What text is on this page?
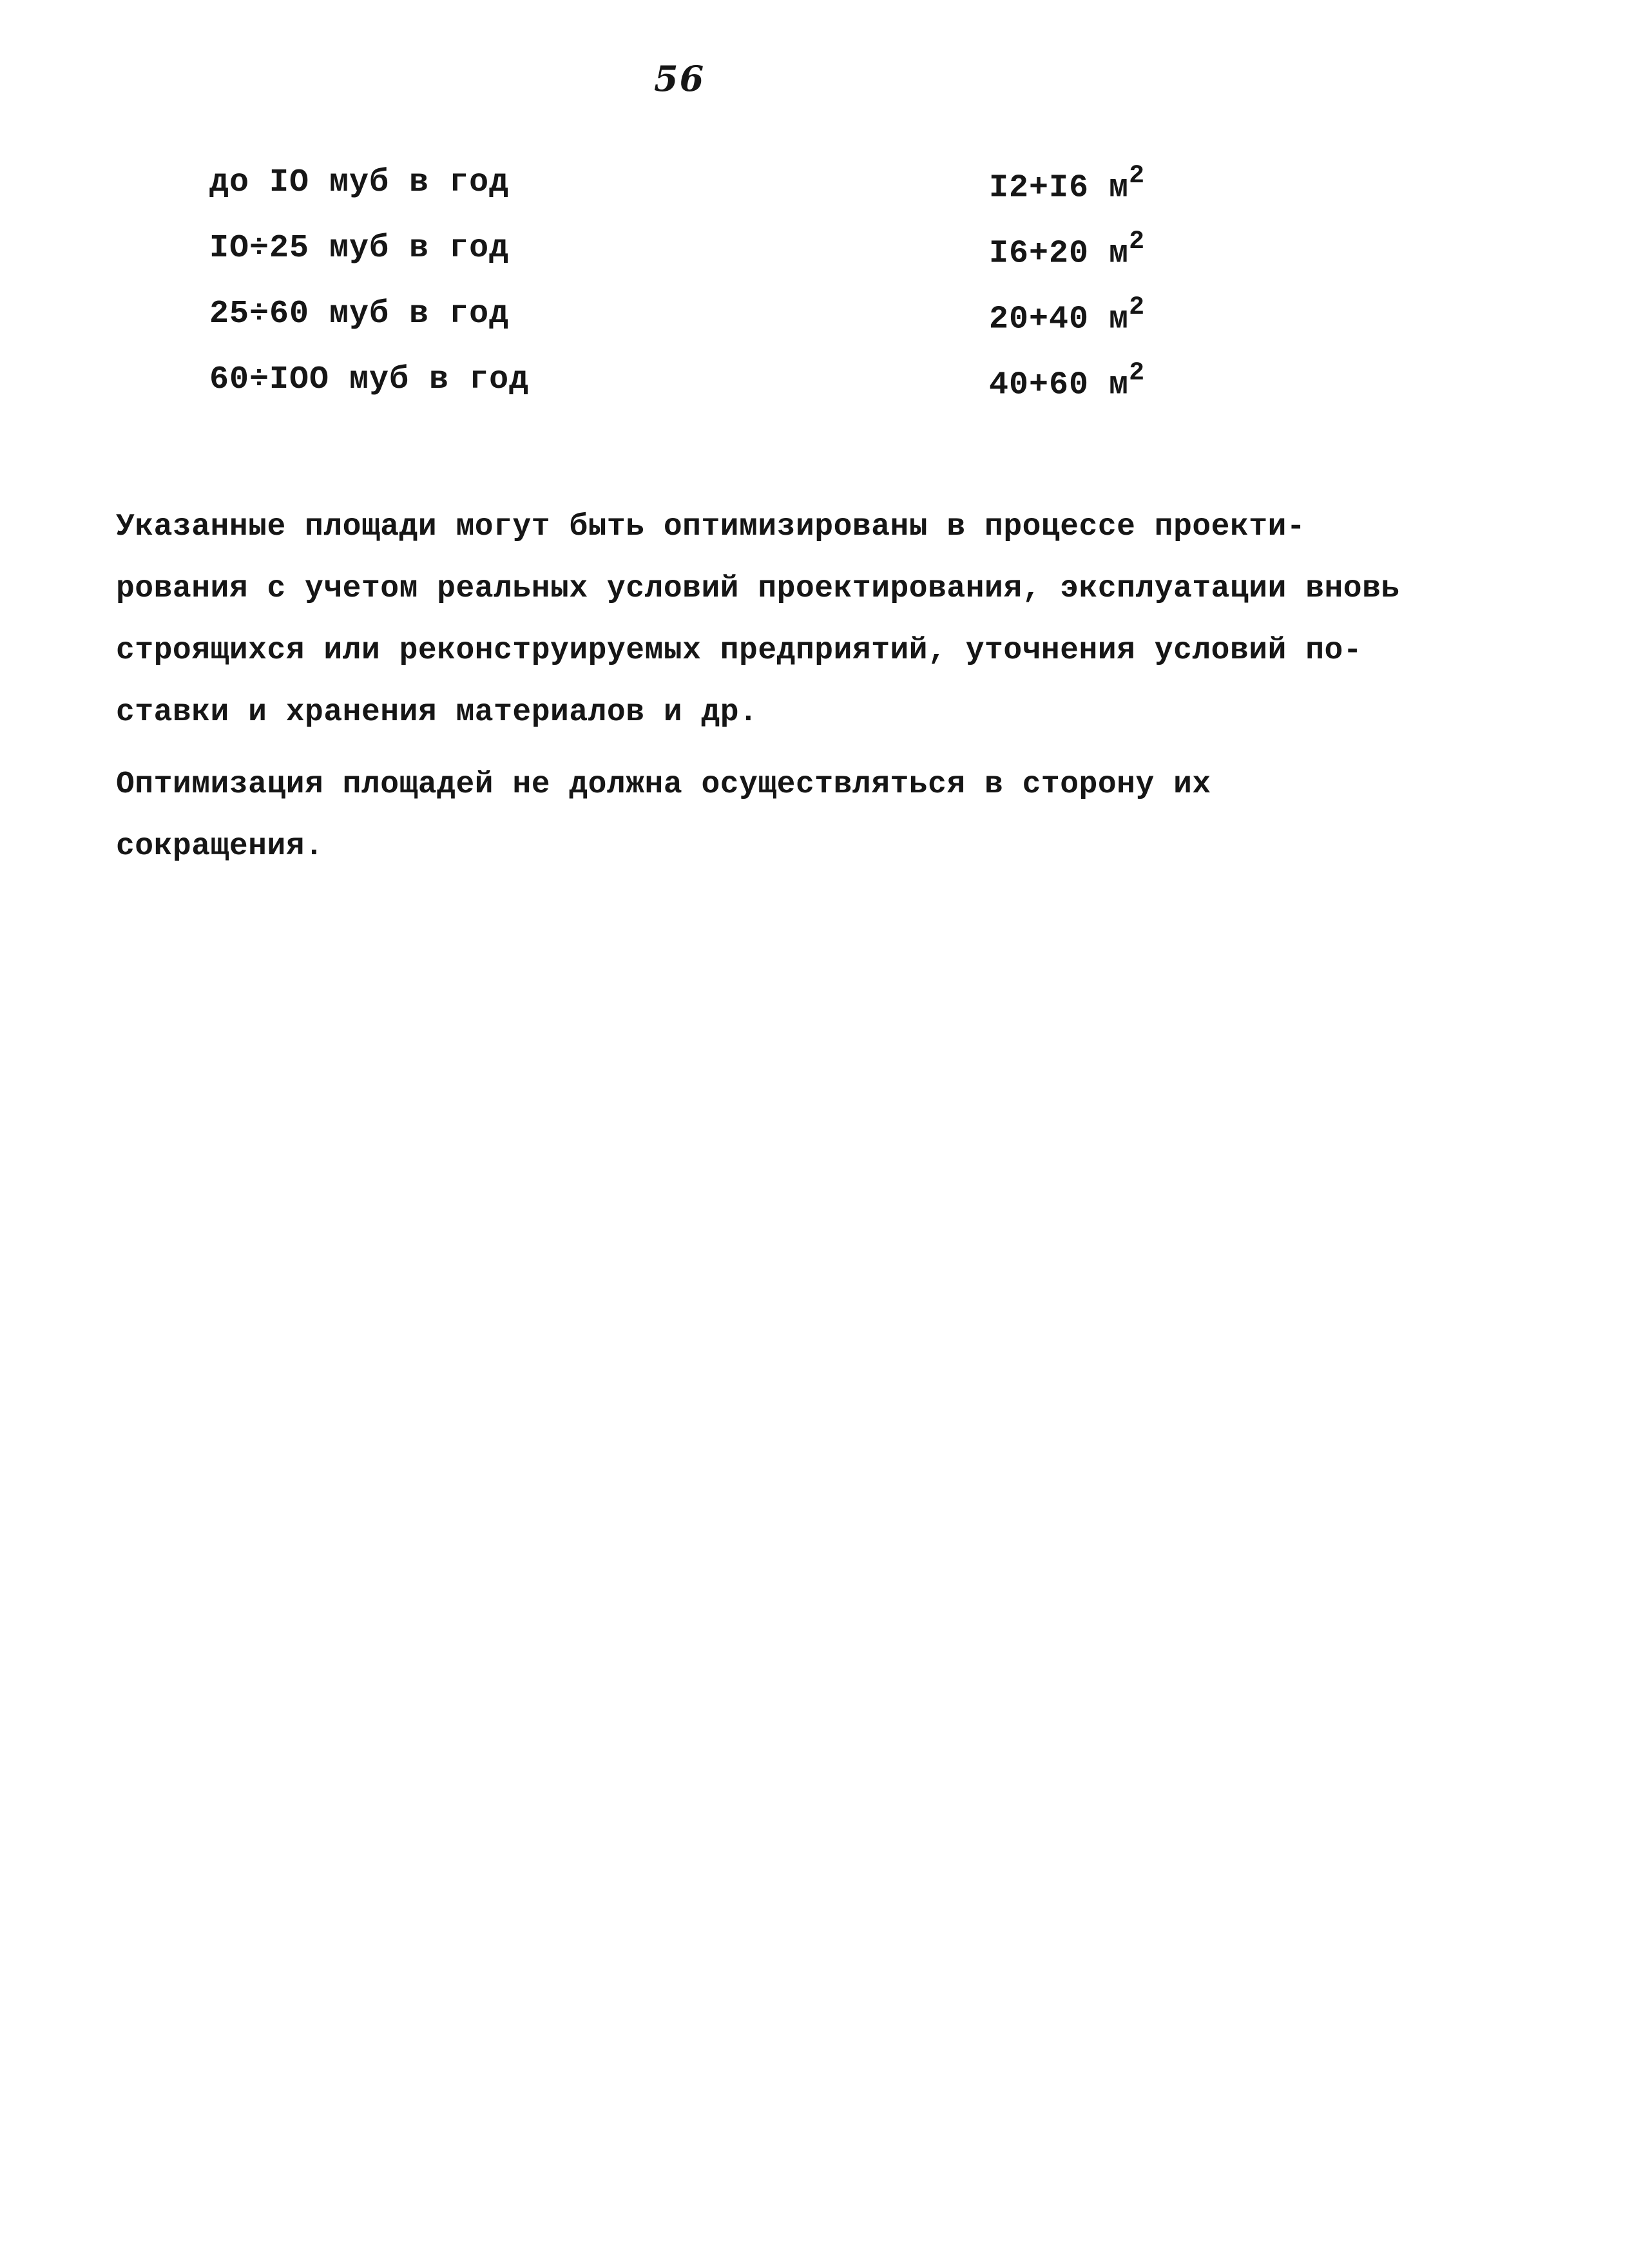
56
до IO муб в год	I2+I6 $м^2$
IO÷25 муб в год	I6+20 $м^2$
25÷60 муб в год	20+40 $м^2$
60÷IOO муб в год	40+60 $м^2$
Указанные площади могут быть оптимизированы в процессе проекти-
рования с учетом реальных условий проектирования, эксплуатации вновь
строящихся или реконструируемых предприятий, уточнения условий по-
ставки и хранения материалов и др.
Оптимизация площадей не должна осуществляться в сторону их
сокращения.
